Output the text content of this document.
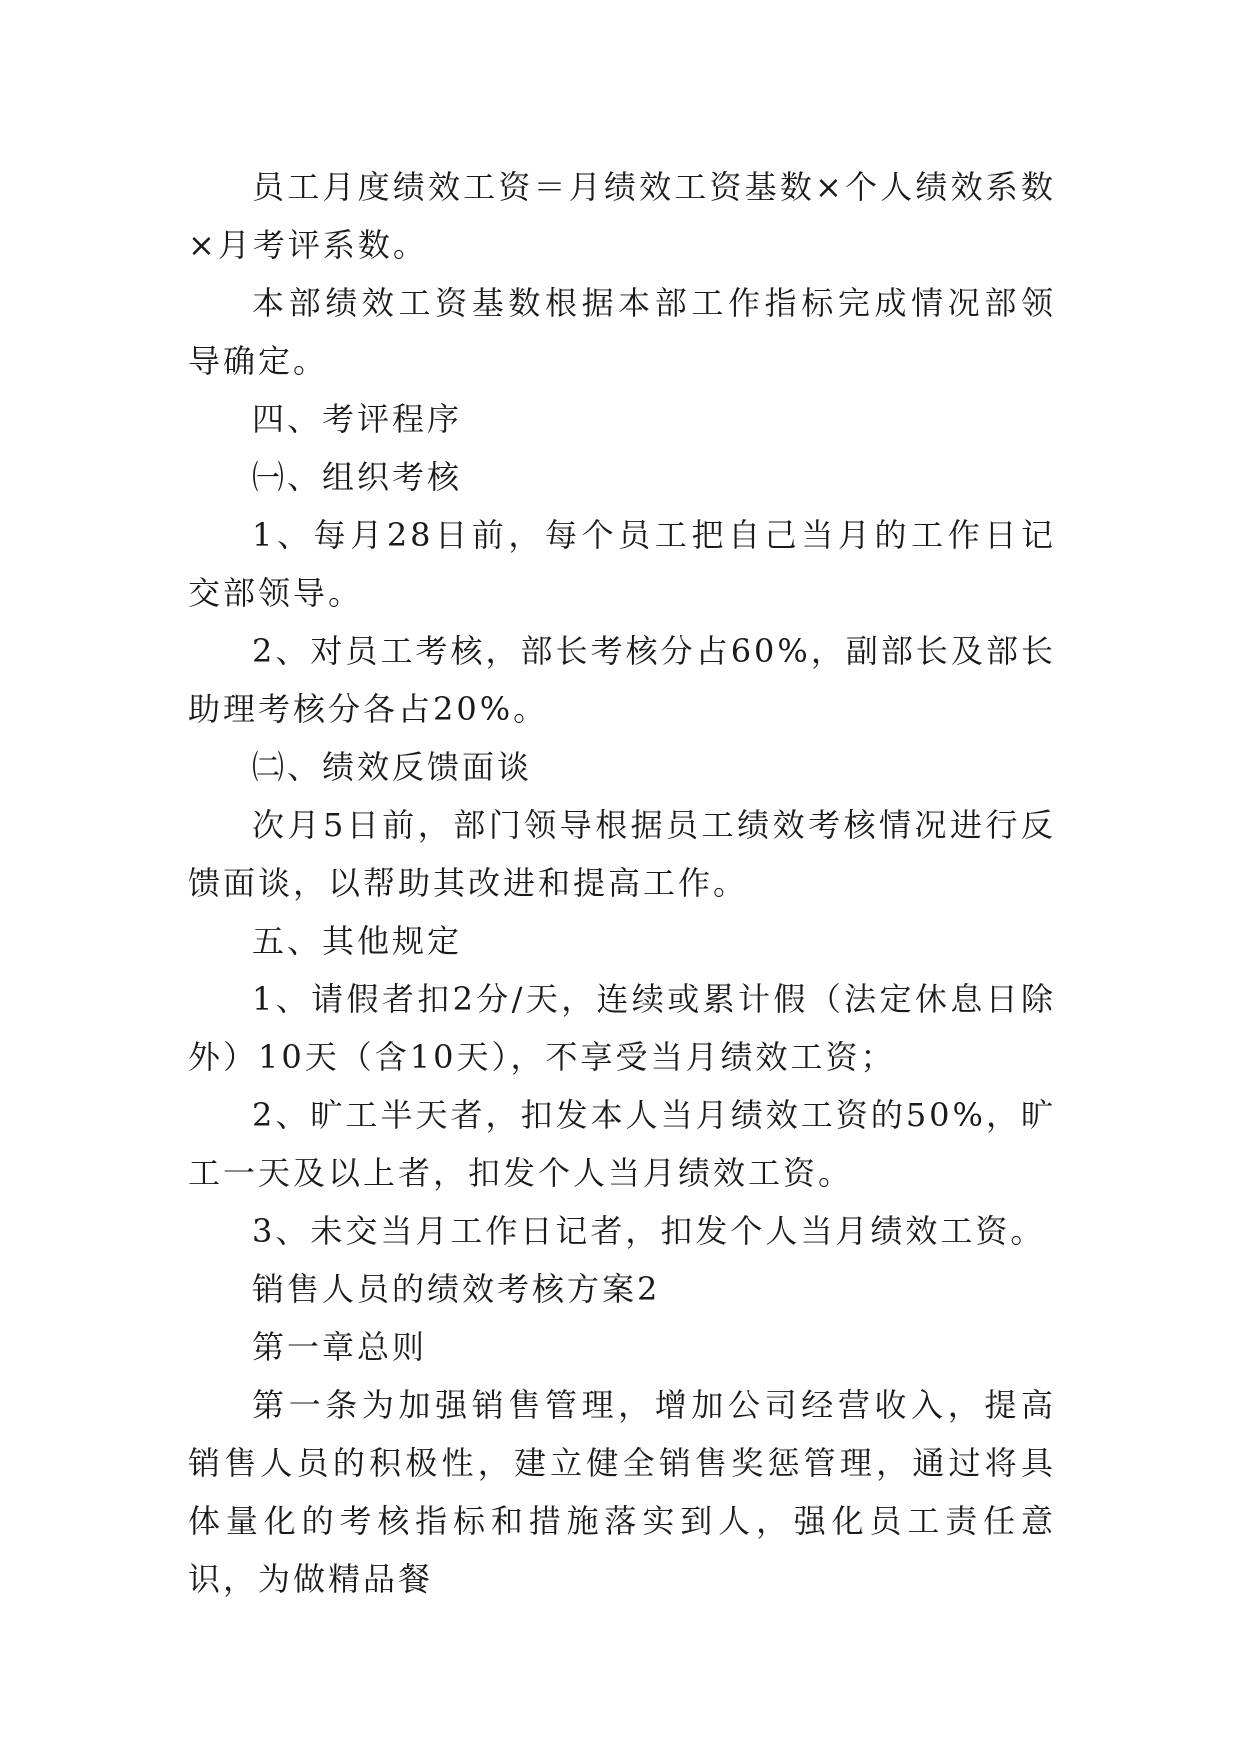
员工月度绩效工资＝月绩效工资基数×个人绩效系数×月考评系数。

本部绩效工资基数根据本部工作指标完成情况部领导确定。

四、考评程序

㈠、组织考核

1、每月28日前，每个员工把自己当月的工作日记交部领导。

2、对员工考核，部长考核分占60%，副部长及部长助理考核分各占20%。

㈡、绩效反馈面谈

次月5日前，部门领导根据员工绩效考核情况进行反馈面谈，以帮助其改进和提高工作。

五、其他规定

1、请假者扣2分/天，连续或累计假（法定休息日除外）10天（含10天），不享受当月绩效工资；

2、旷工半天者，扣发本人当月绩效工资的50%，旷工一天及以上者，扣发个人当月绩效工资。

3、未交当月工作日记者，扣发个人当月绩效工资。

销售人员的绩效考核方案2

第一章总则

第一条为加强销售管理，增加公司经营收入，提高销售人员的积极性，建立健全销售奖惩管理，通过将具体量化的考核指标和措施落实到人，强化员工责任意识，为做精品餐
